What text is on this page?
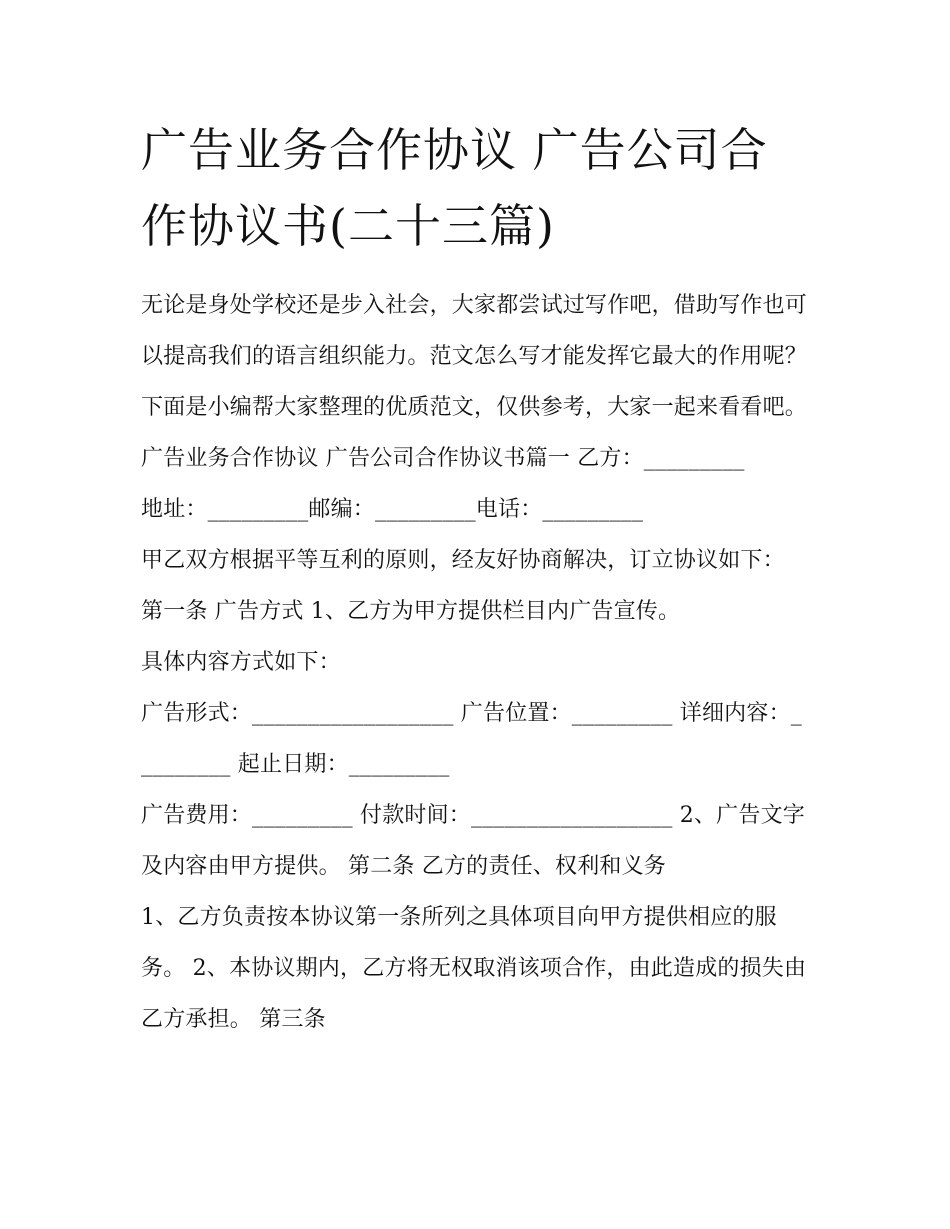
广告业务合作协议 广告公司合作协议书(二十三篇)

无论是身处学校还是步入社会，大家都尝试过写作吧，借助写作也可以提高我们的语言组织能力。范文怎么写才能发挥它最大的作用呢？下面是小编帮大家整理的优质范文，仅供参考，大家一起来看看吧。

广告业务合作协议 广告公司合作协议书篇一 乙方：_________

地址：_________邮编：_________电话：_________

甲乙双方根据平等互利的原则，经友好协商解决，订立协议如下： 第一条 广告方式 1、乙方为甲方提供栏目内广告宣传。

具体内容方式如下：

广告形式：__________________ 广告位置：_________ 详细内容：_________ 起止日期：_________

广告费用：_________ 付款时间：__________________ 2、广告文字及内容由甲方提供。 第二条 乙方的责任、权利和义务

1、乙方负责按本协议第一条所列之具体项目向甲方提供相应的服务。 2、本协议期内，乙方将无权取消该项合作，由此造成的损失由乙方承担。 第三条
